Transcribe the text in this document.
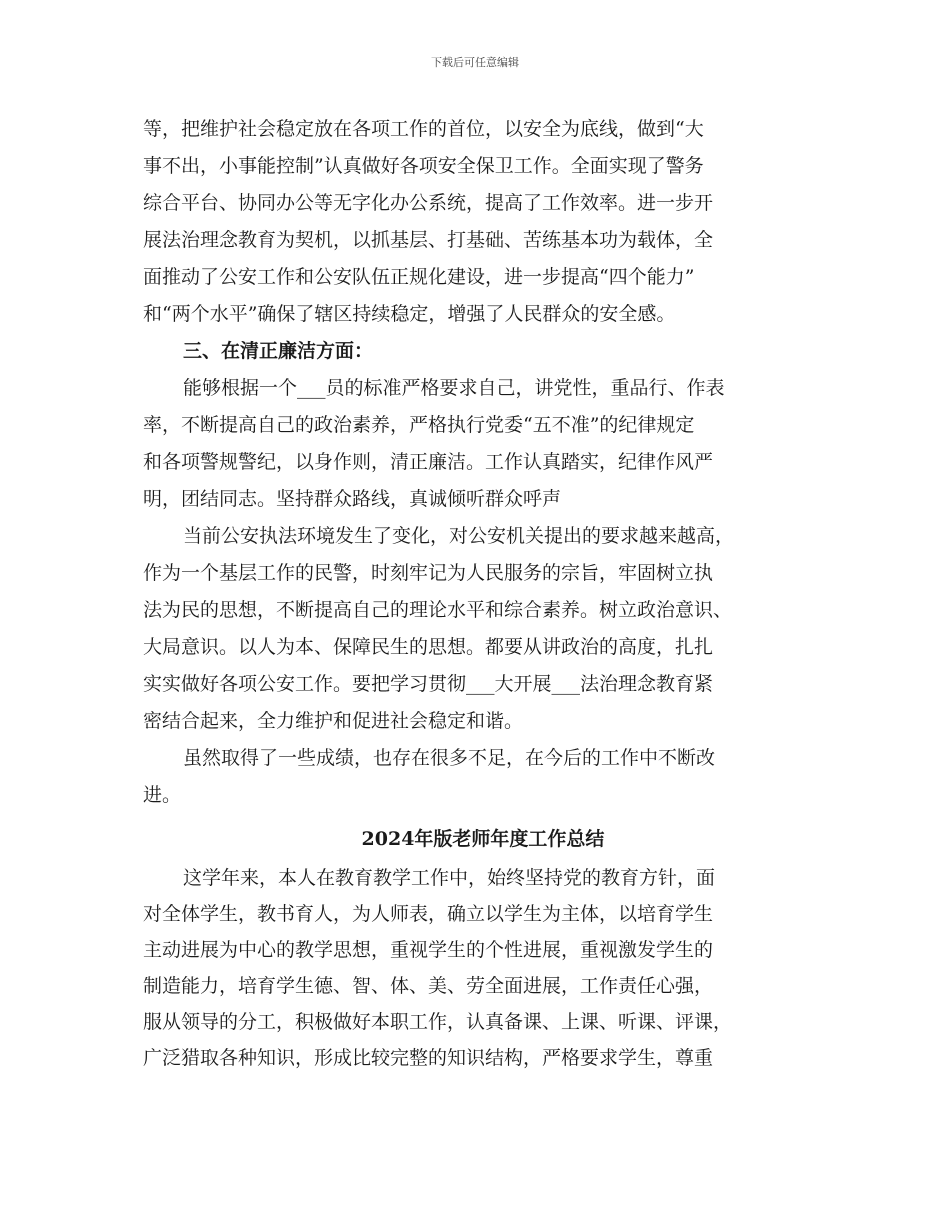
下载后可任意编辑
等，把维护社会稳定放在各项工作的首位，以安全为底线，做到“大
事不出，小事能控制”认真做好各项安全保卫工作。全面实现了警务
综合平台、协同办公等无字化办公系统，提高了工作效率。进一步开
展法治理念教育为契机，以抓基层、打基础、苦练基本功为载体，全
面推动了公安工作和公安队伍正规化建设，进一步提高“四个能力”
和“两个水平”确保了辖区持续稳定，增强了人民群众的安全感。
三、在清正廉洁方面：
能够根据一个___员的标准严格要求自己，讲党性，重品行、作表
率，不断提高自己的政治素养，严格执行党委“五不准”的纪律规定
和各项警规警纪，以身作则，清正廉洁。工作认真踏实，纪律作风严
明，团结同志。坚持群众路线，真诚倾听群众呼声
当前公安执法环境发生了变化，对公安机关提出的要求越来越高，
作为一个基层工作的民警，时刻牢记为人民服务的宗旨，牢固树立执
法为民的思想，不断提高自己的理论水平和综合素养。树立政治意识、
大局意识。以人为本、保障民生的思想。都要从讲政治的高度，扎扎
实实做好各项公安工作。要把学习贯彻___大开展___法治理念教育紧
密结合起来，全力维护和促进社会稳定和谐。
虽然取得了一些成绩，也存在很多不足，在今后的工作中不断改
进。
2024年版老师年度工作总结
这学年来，本人在教育教学工作中，始终坚持党的教育方针，面
对全体学生，教书育人，为人师表，确立以学生为主体，以培育学生
主动进展为中心的教学思想，重视学生的个性进展，重视激发学生的
制造能力，培育学生德、智、体、美、劳全面进展，工作责任心强，
服从领导的分工，积极做好本职工作，认真备课、上课、听课、评课，
广泛猎取各种知识，形成比较完整的知识结构，严格要求学生，尊重
